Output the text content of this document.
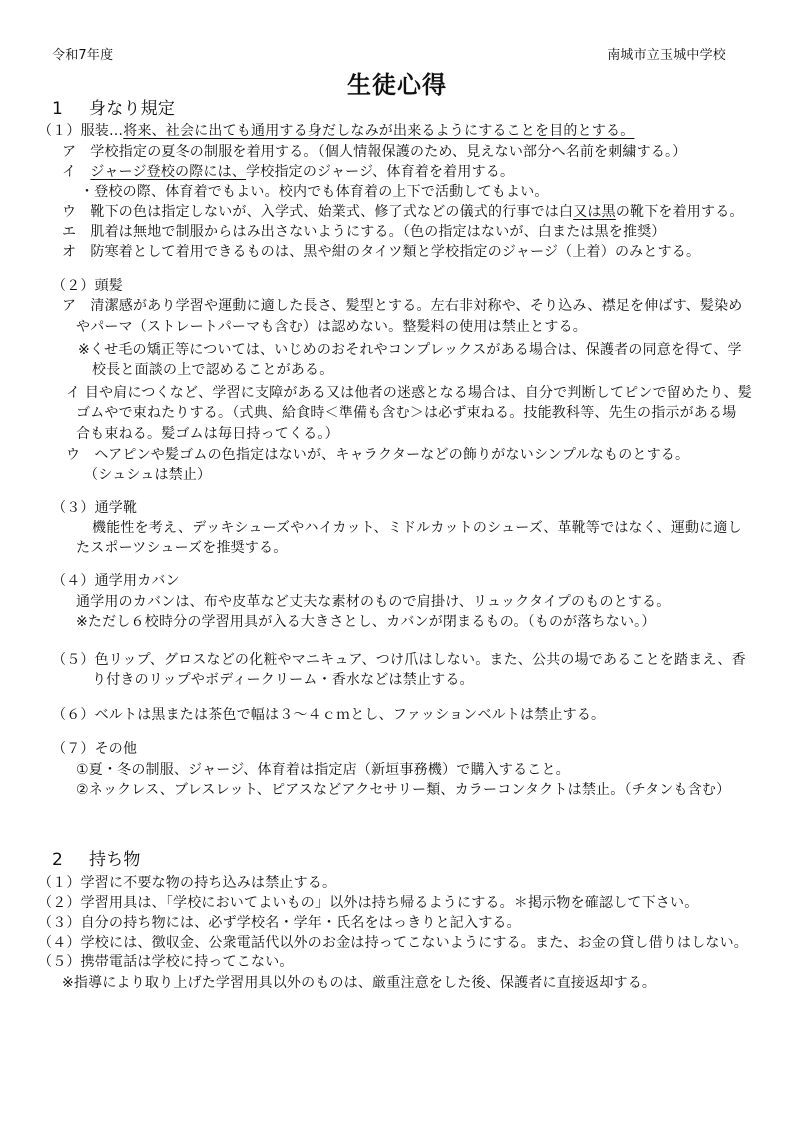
令和7年度	南城市立玉城中学校
生徒心得
1 身なり規定
（１）服装…将来、社会に出ても通用する身だしなみが出来るようにすることを目的とする。
ア　学校指定の夏冬の制服を着用する。（個人情報保護のため、見えない部分へ名前を刺繍する。）
イ　ジャージ登校の際には、学校指定のジャージ、体育着を着用する。
・登校の際、体育着でもよい。校内でも体育着の上下で活動してもよい。
ウ　靴下の色は指定しないが、入学式、始業式、修了式などの儀式的行事では白又は黒の靴下を着用する。
エ　肌着は無地で制服からはみ出さないようにする。（色の指定はないが、白または黒を推奨）
オ　防寒着として着用できるものは、黒や紺のタイツ類と学校指定のジャージ（上着）のみとする。
（２）頭髪
ア　清潔感があり学習や運動に適した長さ、髪型とする。左右非対称や、そり込み、襟足を伸ばす、髪染め
やパーマ（ストレートパーマも含む）は認めない。整髪料の使用は禁止とする。
※くせ毛の矯正等については、いじめのおそれやコンプレックスがある場合は、保護者の同意を得て、学
校長と面談の上で認めることがある。
イ 目や肩につくなど、学習に支障がある又は他者の迷惑となる場合は、自分で判断してピンで留めたり、髪
ゴムやで束ねたりする。（式典、給食時＜準備も含む＞は必ず束ねる。技能教科等、先生の指示がある場
合も束ねる。髪ゴムは毎日持ってくる。）
ウ　ヘアピンや髪ゴムの色指定はないが、キャラクターなどの飾りがないシンプルなものとする。
（シュシュは禁止）
（３）通学靴
機能性を考え、デッキシューズやハイカット、ミドルカットのシューズ、革靴等ではなく、運動に適し
たスポーツシューズを推奨する。
（４）通学用カバン
通学用のカバンは、布や皮革など丈夫な素材のもので肩掛け、リュックタイプのものとする。
※ただし６校時分の学習用具が入る大きさとし、カバンが閉まるもの。（ものが落ちない。）
（５）色リップ、グロスなどの化粧やマニキュア、つけ爪はしない。また、公共の場であることを踏まえ、香
り付きのリップやボディークリーム・香水などは禁止する。
（６）ベルトは黒または茶色で幅は３～４ｃｍとし、ファッションベルトは禁止する。
（７）その他
①夏・冬の制服、ジャージ、体育着は指定店（新垣事務機）で購入すること。
②ネックレス、ブレスレット、ピアスなどアクセサリー類、カラーコンタクトは禁止。（チタンも含む）
2 持ち物
（１）学習に不要な物の持ち込みは禁止する。
（２）学習用具は、「学校においてよいもの」以外は持ち帰るようにする。＊掲示物を確認して下さい。
（３）自分の持ち物には、必ず学校名・学年・氏名をはっきりと記入する。
（４）学校には、徴収金、公衆電話代以外のお金は持ってこないようにする。また、お金の貸し借りはしない。
（５）携帯電話は学校に持ってこない。
※指導により取り上げた学習用具以外のものは、厳重注意をした後、保護者に直接返却する。
